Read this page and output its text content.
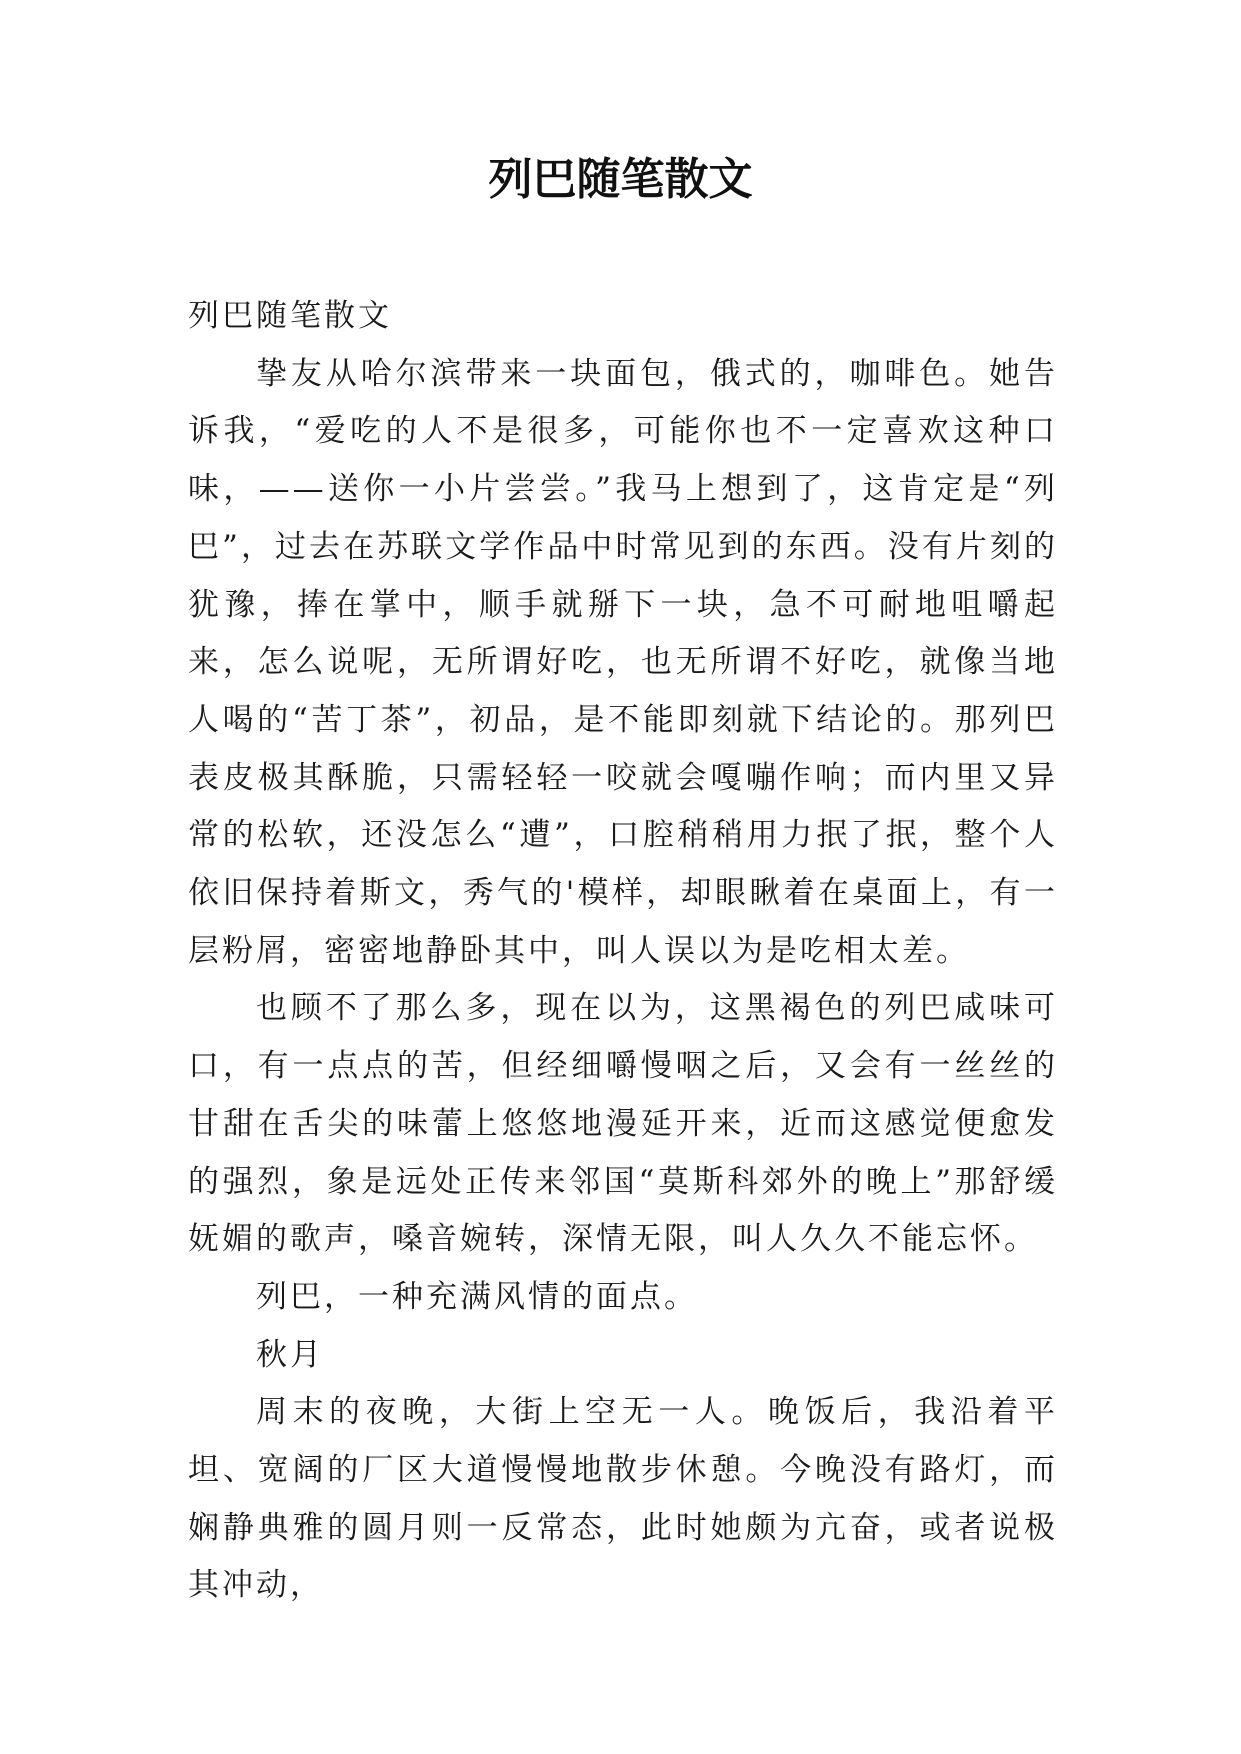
列巴随笔散文

列巴随笔散文

挚友从哈尔滨带来一块面包，俄式的，咖啡色。她告诉我，“爱吃的人不是很多，可能你也不一定喜欢这种口味，——送你一小片尝尝。”我马上想到了，这肯定是“列巴”，过去在苏联文学作品中时常见到的东西。没有片刻的犹豫，捧在掌中，顺手就掰下一块，急不可耐地咀嚼起来，怎么说呢，无所谓好吃，也无所谓不好吃，就像当地人喝的“苦丁茶”，初品，是不能即刻就下结论的。那列巴表皮极其酥脆，只需轻轻一咬就会嘎嘣作响；而内里又异常的松软，还没怎么“遭”，口腔稍稍用力抿了抿，整个人依旧保持着斯文，秀气的'模样，却眼瞅着在桌面上，有一层粉屑，密密地静卧其中，叫人误以为是吃相太差。

也顾不了那么多，现在以为，这黑褐色的列巴咸味可口，有一点点的苦，但经细嚼慢咽之后，又会有一丝丝的甘甜在舌尖的味蕾上悠悠地漫延开来，近而这感觉便愈发的强烈，象是远处正传来邻国“莫斯科郊外的晚上”那舒缓妩媚的歌声，嗓音婉转，深情无限，叫人久久不能忘怀。

列巴，一种充满风情的面点。

秋月

周末的夜晚，大街上空无一人。晚饭后，我沿着平坦、宽阔的厂区大道慢慢地散步休憩。今晚没有路灯，而娴静典雅的圆月则一反常态，此时她颇为亢奋，或者说极其冲动，
